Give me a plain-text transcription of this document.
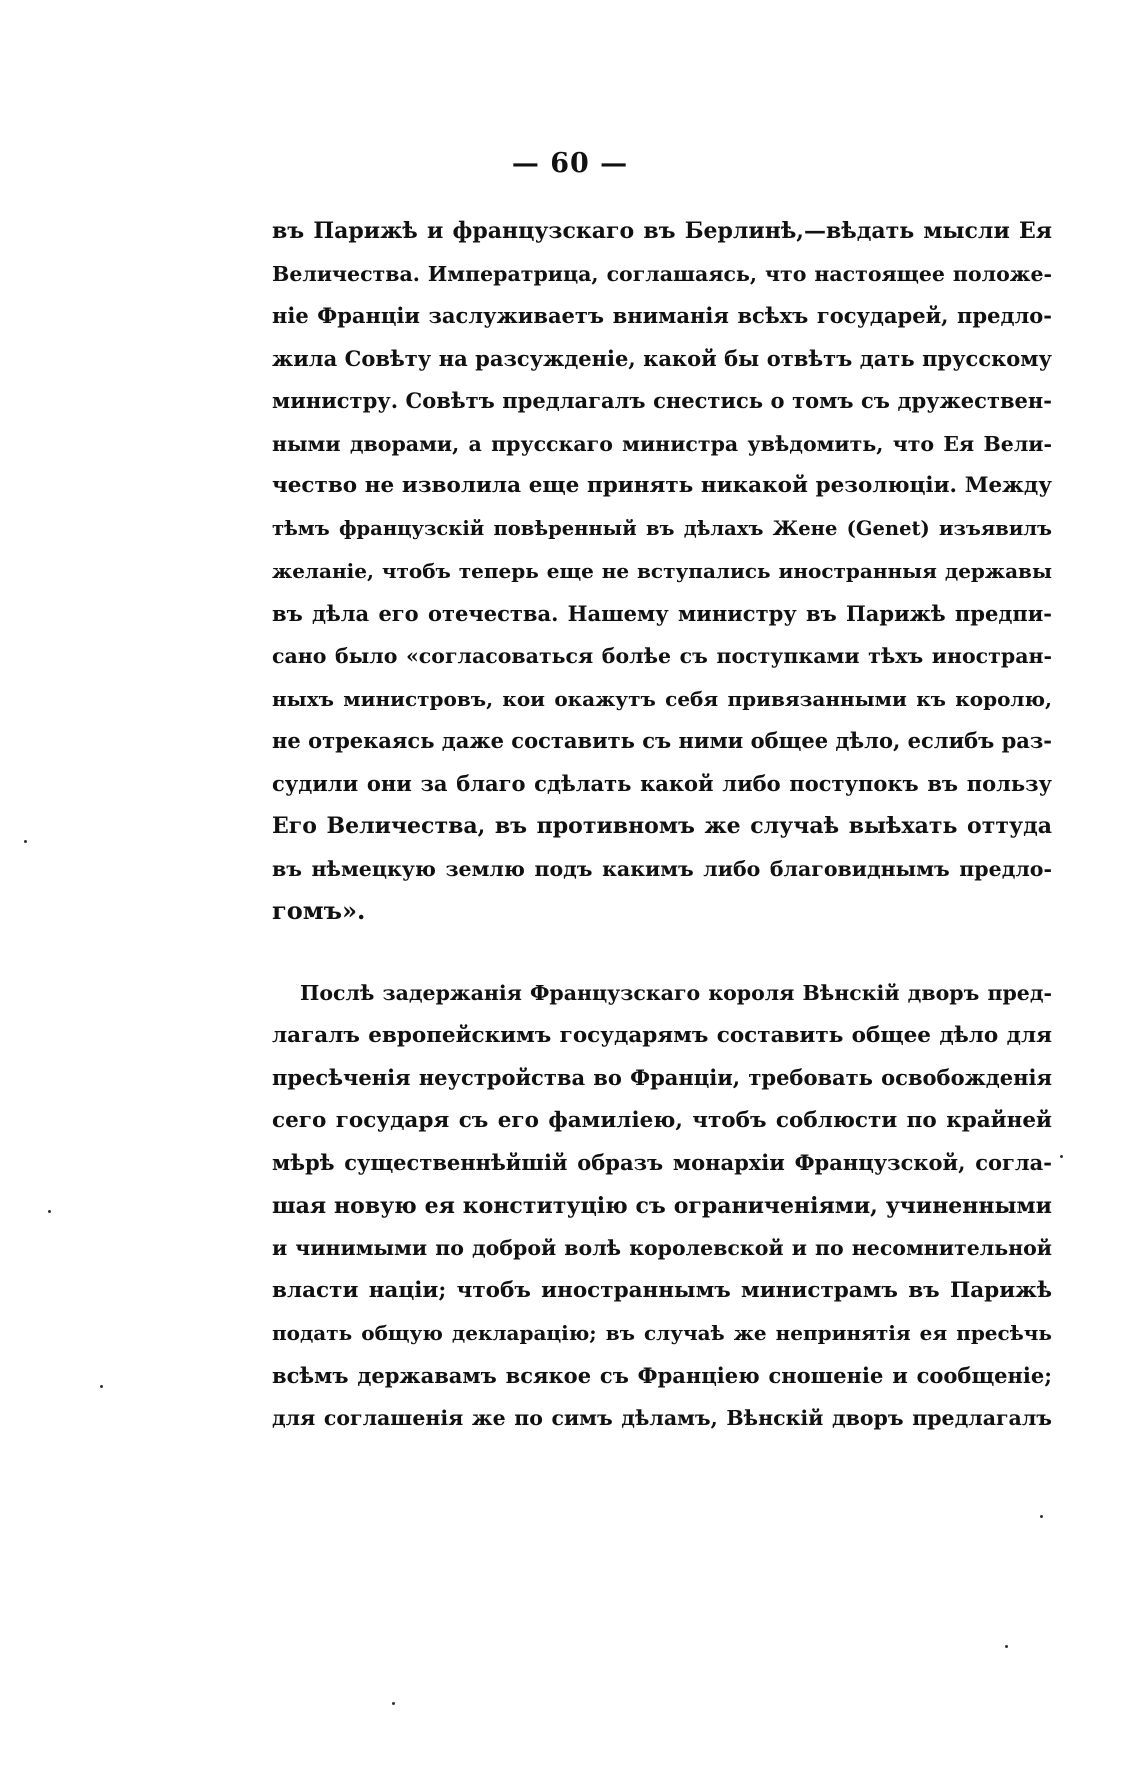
— 60 —
въ Парижѣ и французскаго въ Берлинѣ,—вѣдать мысли Ея
Величества. Императрица, соглашаясь, что настоящее положе-
ніе Франціи заслуживаетъ вниманія всѣхъ государей, предло-
жила Совѣту на разсужденіе, какой бы отвѣтъ дать прусскому
министру. Совѣтъ предлагалъ снестись о томъ съ дружествен-
ными дворами, а прусскаго министра увѣдомить, что Ея Вели-
чество не изволила еще принять никакой резолюціи. Между
тѣмъ французскій повѣренный въ дѣлахъ Жене (Genet) изъявилъ
желаніе, чтобъ теперь еще не вступались иностранныя державы
въ дѣла его отечества. Нашему министру въ Парижѣ предпи-
сано было «согласоваться болѣе съ поступками тѣхъ иностран-
ныхъ министровъ, кои окажутъ себя привязанными къ королю,
не отрекаясь даже составить съ ними общее дѣло, еслибъ раз-
судили они за благо сдѣлать какой либо поступокъ въ пользу
Его Величества, въ противномъ же случаѣ выѣхать оттуда
въ нѣмецкую землю подъ какимъ либо благовиднымъ предло-
гомъ».
Послѣ задержанія Французскаго короля Вѣнскій дворъ пред-
лагалъ европейскимъ государямъ составить общее дѣло для
пресѣченія неустройства во Франціи, требовать освобожденія
сего государя съ его фамиліею, чтобъ соблюсти по крайней
мѣрѣ существеннѣйшій образъ монархіи Французской, согла-
шая новую ея конституцію съ ограниченіями, учиненными
и чинимыми по доброй волѣ королевской и по несомнительной
власти націи; чтобъ иностраннымъ министрамъ въ Парижѣ
подать общую декларацію; въ случаѣ же непринятія ея пресѣчь
всѣмъ державамъ всякое съ Франціею сношеніе и сообщеніе;
для соглашенія же по симъ дѣламъ, Вѣнскій дворъ предлагалъ
